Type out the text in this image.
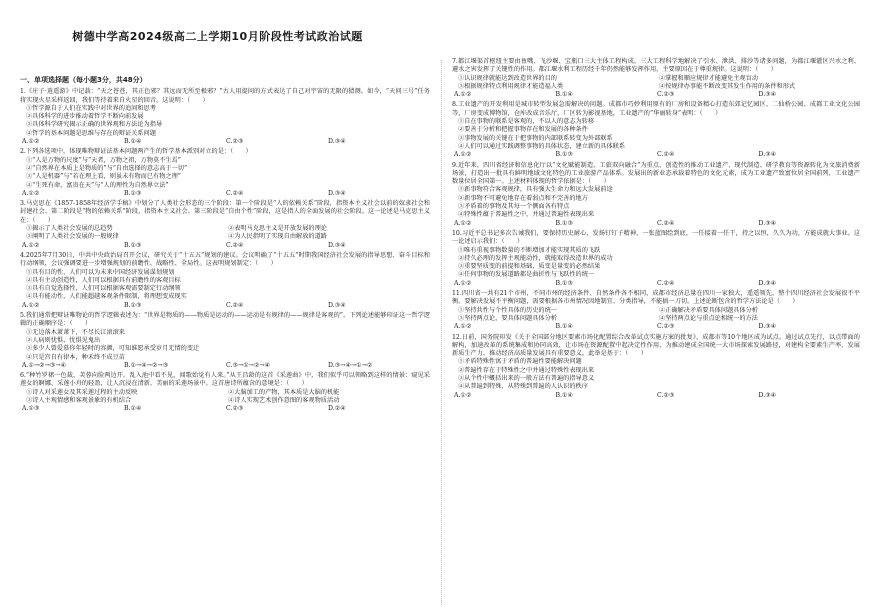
树德中学高2024级高二上学期10月阶段性考试政治试题
一、单项选择题（每小题3分，共48分）
1.《庄子·逍遥游》中记载：“天之苍苍，其正色邪？其远而无所至极邪？”古人用提问的方式表达了自己对宇宙的无限的猜测。如今，“天问三号”任务将实现火星采样返回，我们等待着来自火星的回音。这说明：（　　）
①哲学源自于人们在实践中对世界的追问和思考
②具体科学的进步推动着哲学不断向前发展
③具体科学研究揭示正确的世界观和方法论为指导
④哲学的基本问题是思维与存在的辩证关系问题
A.①②	B.①④	C.②③	D.③④
2.下列各选项中，体现唯物辩证法基本问题两产生的哲学基本派别对立的是：（　　）
①“人是万物的尺度”与“天者，万物之祖，万物莫不生焉”
②“自然界在本质上是物质的”与“自由选择的意志高于一切”
③“人是机器”与“若在理上看，则虽未有物而已有物之理”
④“生死有命，富贵在天”与“人的理性为自然界立法”
A.①②	B.①③	C.②④	D.③④
3.马克思在《1857-1858年经济学手稿》中划分了人类社会形态的三个阶段：第一个阶段是“人的依赖关系”阶段，指资本主义社会以前的奴隶社会和封建社会。第二阶段是“物的依赖关系”阶段，指资本主义社会。第三阶段是“自由个性”阶段，这是指人的全面发展的社会阶段。这一论述是马克思主义在：（　　）
①揭示了人类社会发展的总趋势	②表明马克思主义是开放发展的理论
③阐明了人类社会发展的一般规律	④为人民指明了实现自由解放的道路
A.①②	B.①③	C.②④	D.③④
4.2025年7月30日，中共中央政治局召开会议，研究关于“十五五”规划的建议。会议明确了“十五五”时期我国经济社会发展的指导思想、奋斗目标和行动纲领，会议强调要进一步增强规划的前瞻性、战略性、全局性。这表明规划制定：（　　）
①具有目的性，人们可以为未来中国经济发展谋划规划
②具有主动创造性，人们可以根据具有前瞻性的客观目标
③具有自觉选择性，人们可以根据客观需要制定行动纲领
④具有能动性，人们能超越客观条件限制，将理想变成现实
A.①②	B.①③	C.②④	D.③④
5.我们通常把辩证唯物论的哲学逻辑表述为：“世界是物质的——物质是运动的——运动是有规律的——规律是客观的”。下列论述能够印证这一哲学逻辑的正确顺序是：（　　）
①无边落木萧萧下，不尽长江滚滚来
②人病则忧惧，忧惧见鬼出
③多少人曾爱慕你年轻时的容颜，可知谁愿承受岁月无情的变迁
④只是宫自有律本，种禾终不成豆苗
A.①→②→③→④	B.①→④→②→③	C.③→①→②→④	D.③→④→①→②
6.“种竹罗裙一色裁，芙蓉向脸两边开。乱入池中看不见，闻歌始觉有人来。”从王昌龄的这首《采莲曲》中，我们似乎可以领略到这样的情景：窥见采莲女的婀娜、采莲小舟的轻盈，让人沉浸在清新、美丽的采莲场景中。这首唐诗所蕴含的意境是：（　　）
①诗人对采莲女及其采莲过程的主动反映	②大脑加工的产物，其本质是大脑的机能
③诗人主观情感和客观景象的有机结合	④诗人实现艺术创作意图的客观物质活动
A.①③	B.①④	C.②③	D.②④
7.都江堰渠首枢纽主要由鱼嘴、飞沙堰、宝瓶口三大主体工程构成。三大工程科学地解决了引水、泄洪、排沙等诸多问题，为都江堰灌区兴水之利、避水之害发挥了关键性的作用。都江堰水利工程历经千年仍然能够发挥作用，主要原因在于尊重规律。这说明：（　　）
①认识规律就能达到改造世界的目的	②掌握和顺应规律才能避免主观盲动
③根据规律特点利用规律才能造福人类	④按规律办事能不断改变其发生作用的条件和形式
A.①②	B.①④	C.②③	D.③④
8.工业遗产的开发利用是城市转型发展急需解决的问题。成都市巧妙利用原有的厂房和设备精心打造东郊记忆园区、二仙桥公园、成都工业文化公园等，厂房变成博物馆，仓库改成音乐厅，厂区转为影视基地，工业遗产的“华丽转身”表明：（　　）
①自在事物的联系是客观的，不以人的意志为转移
②要善于分析和把握事物存在和发展的各种条件
③事物发展的关键在于把事物的内部联系转变为外部联系
④人们可以通过实践调整事物的具体状态，建立新的具体联系
A.①②	B.①③	C.②④	D.③④
9.近年来，四川省经济和信息化厅以“文化赋能制造、工旅双向融合”为重点，创造性的推动工业遗产、现代制造、研学教育等资源转化为文旅消费新场景，打造出一批具有鲜明地域文化特色的工业旅游产品体系。发展出的新业态承载着特色的文化元素，成为工业遗产致富位居全国前列，工业遗产数量位居全国第一。上述材料体现的哲学依据是：（　　）
①新事物符合客观规律，具有强大生命力和远大发展前途
②新事物不可避免地存在着弱点和不完善的地方
③矛盾着的事物及其每一个侧面各有特点
④特殊性蕴于普遍性之中，并通过普遍性表现出来
A.①②	B.①③	C.②④	D.③④
10.习近平总书记多次告诫我们，要保持历史耐心，发扬钉钉子精神，一张蓝图绘到底，一任接着一任干，持之以恒，久久为功，方能成就大事业。这一论述启示我们：（　　）
①唯有重视事物数量的不断增加才能实现其质的飞跃
②持久必理的发挥主观能动性，就能取得改造世界的成功
③重要坚质变的前提和基础，质变是量变的必然结果
④任何事物的发展道路都是曲折性与飞跃性的统一
A.①②	B.①③	C.②④	D.③④
11.四川省一共有21个市州，不同市州的经济条件、自然条件各不相同，成都市经济总量在四川一家独大，遥遥领先，整个四川经济社会发展很不平衡。要解决发展不平衡问题，需要根据各市州情况因地制宜、分类指导，不能搞一刀切。上述论断包含的哲学方法论是（　　）
①坚持共性与个性具体的历史的统一	②正确解决矛盾要具体问题具体分析
③坚持两点论，要具体问题具体分析	④坚持两点论与重点论相统一的方法
A.①②	B.①④	C.②③	D.③④
12.日前，国务院印发《关于全国部分地区要素市场化配置综合改革试点实施方案的批复》，成都市等10个地区成为试点。通过试点先行，以点带面的解构，加速改革的系统集成和协同高效，让市场在资源配置中起决定性作用，为推动建成全国统一大市场探索发展路径，对建构全要素生产率、发展新质生产力、推动经济高质量发展具有重要意义。此举是基于：（　　）
①矛盾特殊性寓于矛盾的普遍性要能解决问题
②普遍性存在于特殊性之中并通过特殊性表现出来
③从个性中概括出来的一般方法有普遍的指导意义
④从普遍到特殊，从特殊到普遍的人认识的秩序
A.①②	B.①④	C.②③	D.③④
